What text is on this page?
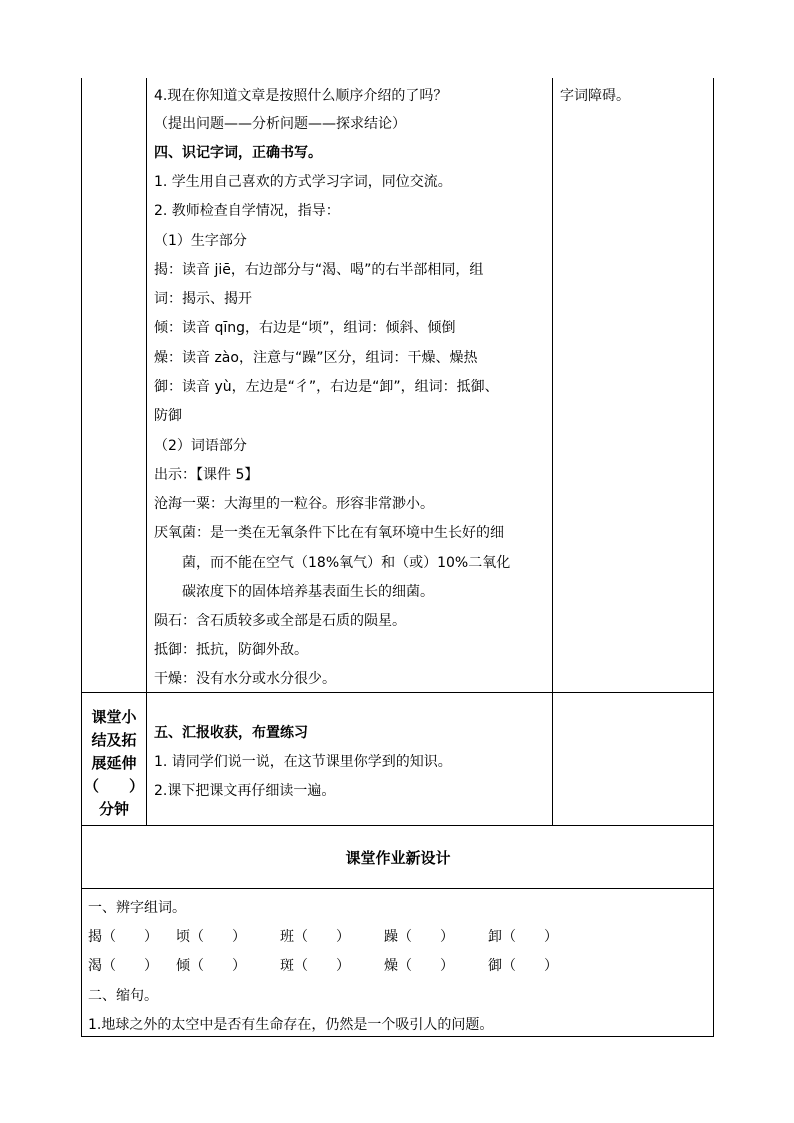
4.现在你知道文章是按照什么顺序介绍的了吗？
（提出问题——分析问题——探求结论）
四、识记字词，正确书写。
1. 学生用自己喜欢的方式学习字词，同位交流。
2. 教师检查自学情况，指导：
（1）生字部分
揭：读音 jiē，右边部分与“渴、喝”的右半部相同，组
词：揭示、揭开
倾：读音 qīng，右边是“顷”，组词：倾斜、倾倒
燥：读音 zào，注意与“躁”区分，组词：干燥、燥热
御：读音 yù，左边是“彳”，右边是“卸”，组词：抵御、
防御
（2）词语部分
出示：【课件 5】
沧海一粟：大海里的一粒谷。形容非常渺小。
厌氧菌：是一类在无氧条件下比在有氧环境中生长好的细
菌，而不能在空气（18%氧气）和（或）10%二氧化
碳浓度下的固体培养基表面生长的细菌。
陨石：含石质较多或全部是石质的陨星。
抵御：抵抗，防御外敌。
干燥：没有水分或水分很少。
字词障碍。
课堂小
结及拓
展延伸
（　　）
分钟
五、汇报收获，布置练习
1. 请同学们说一说，在这节课里你学到的知识。
2.课下把课文再仔细读一遍。
课堂作业新设计
一、辨字组词。
揭（　　） 顷（　　） 班（　　） 躁（　　） 卸（　　）
渴（　　） 倾（　　） 斑（　　） 燥（　　） 御（　　）
二、缩句。
1.地球之外的太空中是否有生命存在，仍然是一个吸引人的问题。
